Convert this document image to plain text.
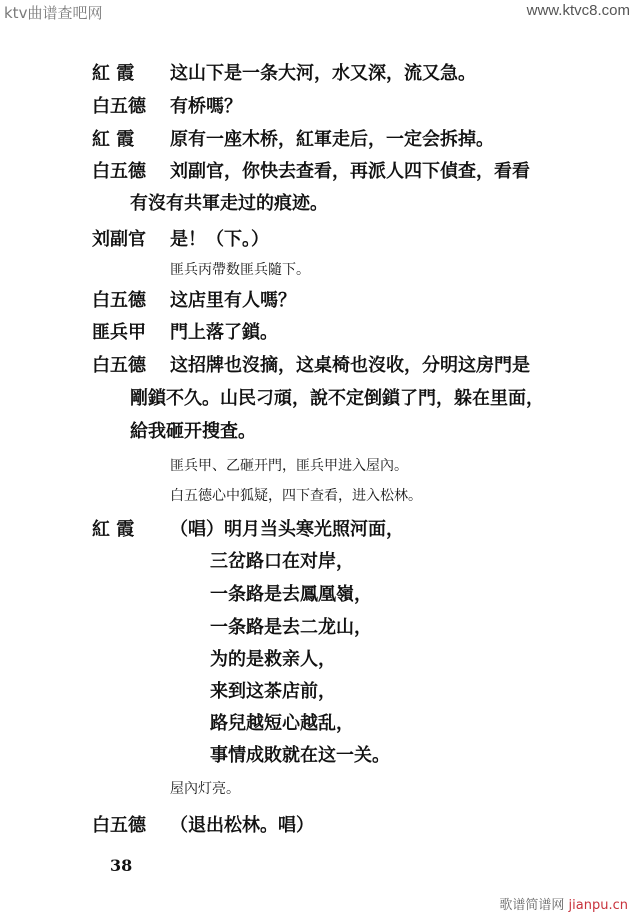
ktv曲谱查吧网	www.ktvc8.com
紅 霞 这山下是一条大河，水又深，流又急。
白五德 有桥嗎？
紅 霞 原有一座木桥，紅軍走后，一定会拆掉。
白五德 刘副官，你快去查看，再派人四下偵查，看看
有沒有共軍走过的痕迹。
刘副官 是！（下。）
匪兵丙帶数匪兵隨下。
白五德 这店里有人嗎？
匪兵甲 門上落了鎖。
白五德 这招牌也沒摘，这桌椅也沒收，分明这房門是
剛鎖不久。山民刁頑，說不定倒鎖了門，躲在里面，
給我砸开搜査。
匪兵甲、乙砸开門，匪兵甲进入屋內。
白五德心中狐疑，四下查看，进入松林。
紅 霞 （唱）明月当头寒光照河面，
三岔路口在对岸，
一条路是去鳳凰嶺，
一条路是去二龙山，
为的是救亲人，
来到这茶店前，
路兒越短心越乱，
事情成敗就在这一关。
屋內灯亮。
白五德 （退出松林。唱）
38
歌谱简谱网 jianpu.cn
